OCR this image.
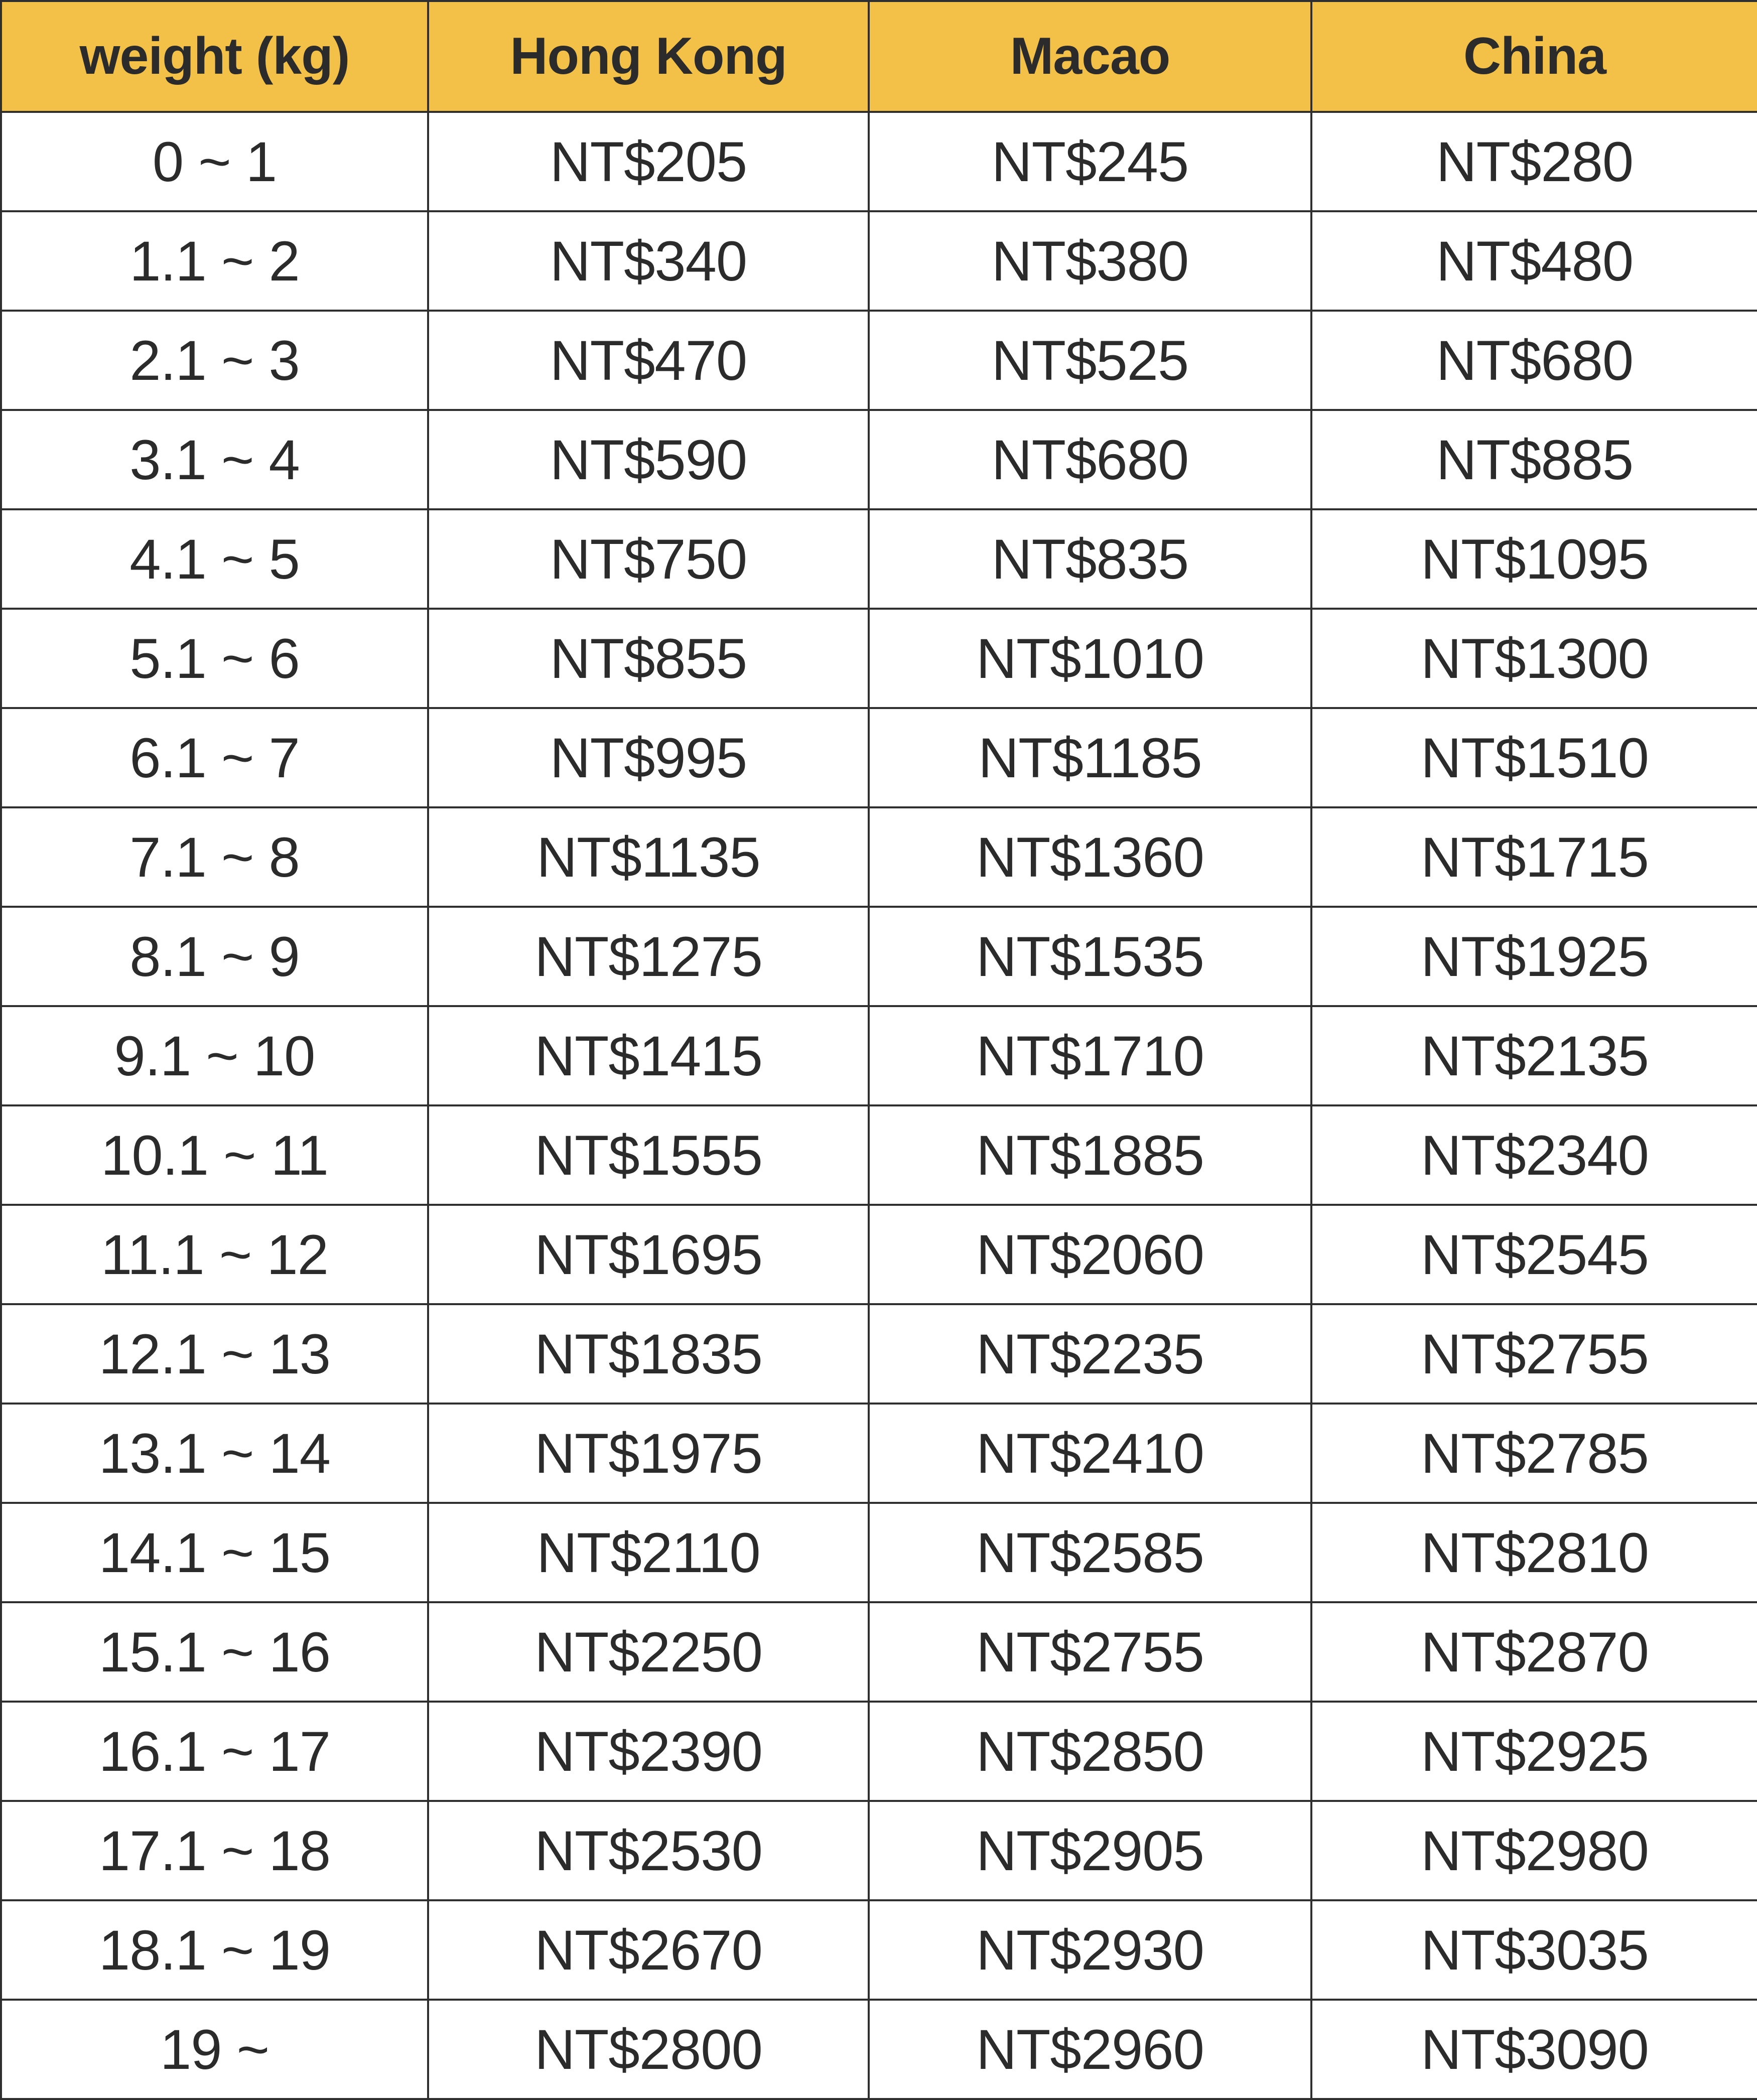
weight (kg)	Hong Kong	Macao	China
0 ~ 1	NT$205	NT$245	NT$280
1.1 ~ 2	NT$340	NT$380	NT$480
2.1 ~ 3	NT$470	NT$525	NT$680
3.1 ~ 4	NT$590	NT$680	NT$885
4.1 ~ 5	NT$750	NT$835	NT$1095
5.1 ~ 6	NT$855	NT$1010	NT$1300
6.1 ~ 7	NT$995	NT$1185	NT$1510
7.1 ~ 8	NT$1135	NT$1360	NT$1715
8.1 ~ 9	NT$1275	NT$1535	NT$1925
9.1 ~ 10	NT$1415	NT$1710	NT$2135
10.1 ~ 11	NT$1555	NT$1885	NT$2340
11.1 ~ 12	NT$1695	NT$2060	NT$2545
12.1 ~ 13	NT$1835	NT$2235	NT$2755
13.1 ~ 14	NT$1975	NT$2410	NT$2785
14.1 ~ 15	NT$2110	NT$2585	NT$2810
15.1 ~ 16	NT$2250	NT$2755	NT$2870
16.1 ~ 17	NT$2390	NT$2850	NT$2925
17.1 ~ 18	NT$2530	NT$2905	NT$2980
18.1 ~ 19	NT$2670	NT$2930	NT$3035
19 ~	NT$2800	NT$2960	NT$3090
